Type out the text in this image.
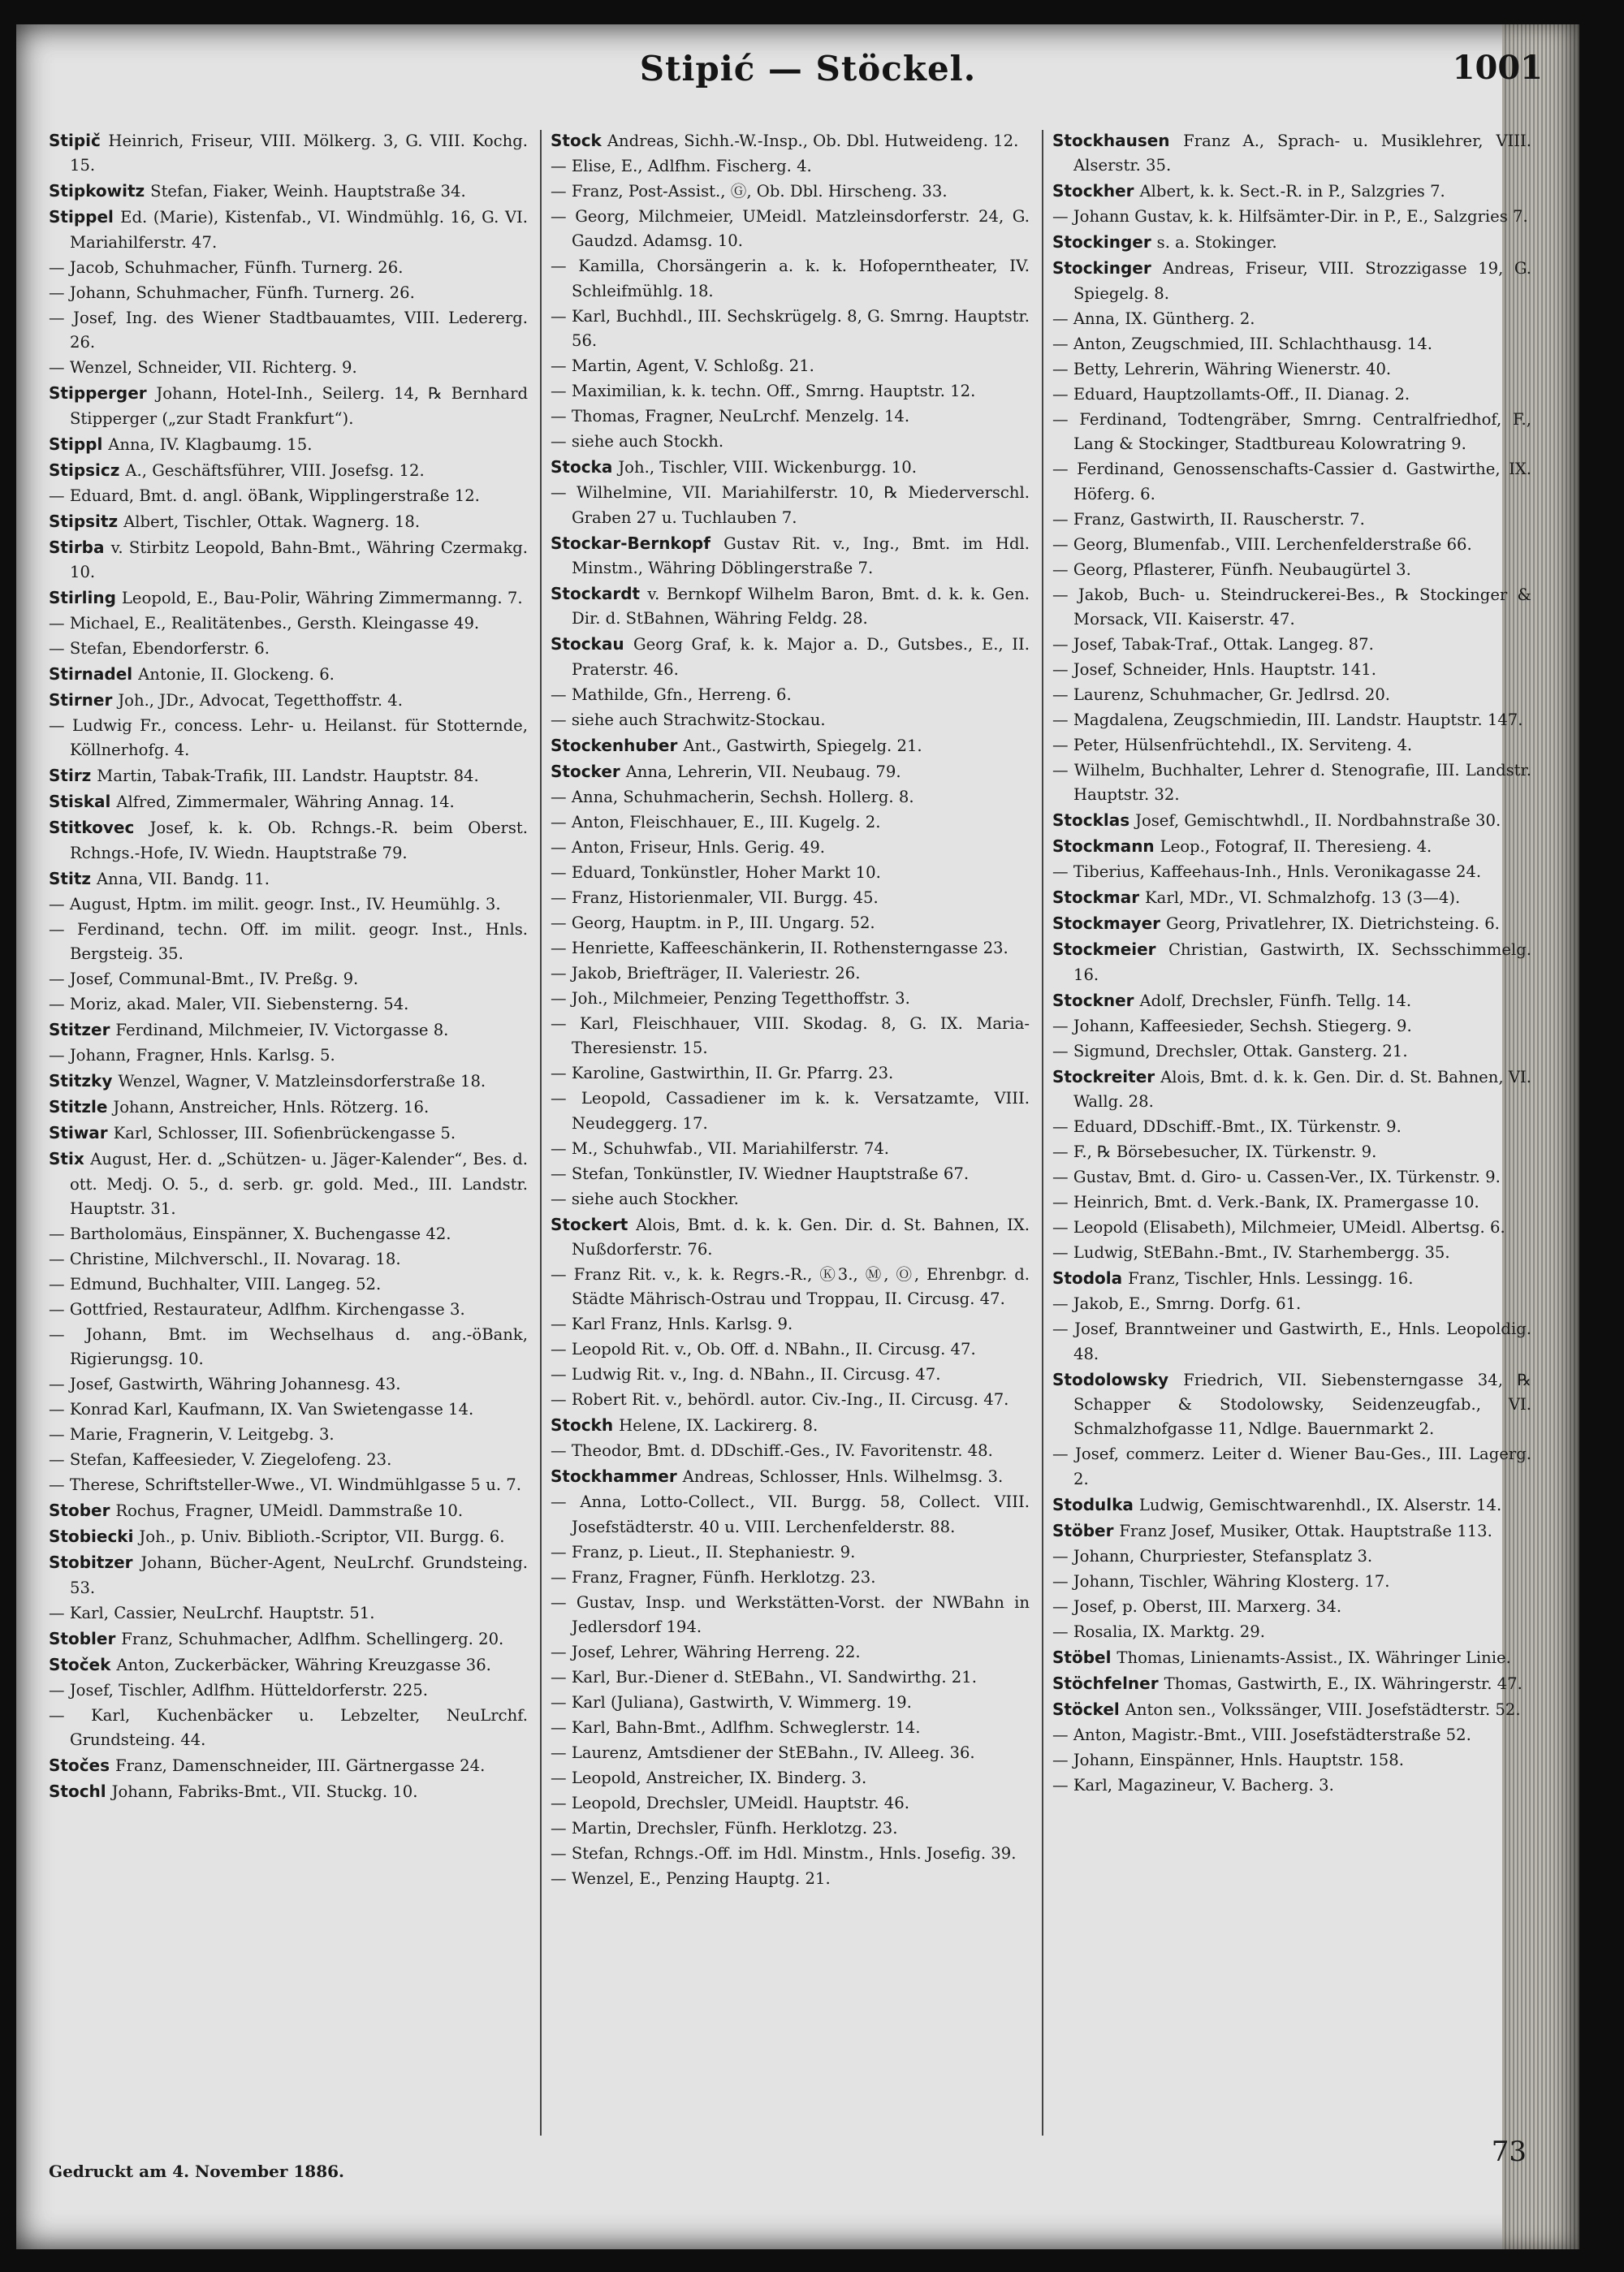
Stipić — Stöckel.	1001
Stipič Heinrich, Friseur, VIII. Mölkerg. 3, G. VIII. Kochg. 15.
Stipkowitz Stefan, Fiaker, Weinh. Hauptstraße 34.
Stippel Ed. (Marie), Kistenfab., VI. Windmühlg. 16, G. VI. Mariahilferstr. 47.
— Jacob, Schuhmacher, Fünfh. Turnerg. 26.
— Johann, Schuhmacher, Fünfh. Turnerg. 26.
— Josef, Ing. des Wiener Stadtbauamtes, VIII. Ledererg. 26.
— Wenzel, Schneider, VII. Richterg. 9.
Stipperger Johann, Hotel-Inh., Seilerg. 14, ℞ Bernhard Stipperger („zur Stadt Frankfurt“).
Stippl Anna, IV. Klagbaumg. 15.
Stipsicz A., Geschäftsführer, VIII. Josefsg. 12.
— Eduard, Bmt. d. angl. öBank, Wipplingerstraße 12.
Stipsitz Albert, Tischler, Ottak. Wagnerg. 18.
Stirba v. Stirbitz Leopold, Bahn-Bmt., Währing Czermakg. 10.
Stirling Leopold, E., Bau-Polir, Währing Zimmermanng. 7.
— Michael, E., Realitätenbes., Gersth. Kleingasse 49.
— Stefan, Ebendorferstr. 6.
Stirnadel Antonie, II. Glockeng. 6.
Stirner Joh., JDr., Advocat, Tegetthoffstr. 4.
— Ludwig Fr., concess. Lehr- u. Heilanst. für Stotternde, Köllnerhofg. 4.
Stirz Martin, Tabak-Trafik, III. Landstr. Hauptstr. 84.
Stiskal Alfred, Zimmermaler, Währing Annag. 14.
Stitkovec Josef, k. k. Ob. Rchngs.-R. beim Oberst. Rchngs.-Hofe, IV. Wiedn. Hauptstraße 79.
Stitz Anna, VII. Bandg. 11.
— August, Hptm. im milit. geogr. Inst., IV. Heumühlg. 3.
— Ferdinand, techn. Off. im milit. geogr. Inst., Hnls. Bergsteig. 35.
— Josef, Communal-Bmt., IV. Preßg. 9.
— Moriz, akad. Maler, VII. Siebensterng. 54.
Stitzer Ferdinand, Milchmeier, IV. Victorgasse 8.
— Johann, Fragner, Hnls. Karlsg. 5.
Stitzky Wenzel, Wagner, V. Matzleinsdorferstraße 18.
Stitzle Johann, Anstreicher, Hnls. Rötzerg. 16.
Stiwar Karl, Schlosser, III. Sofienbrückengasse 5.
Stix August, Her. d. „Schützen- u. Jäger-Kalender“, Bes. d. ott. Medj. O. 5., d. serb. gr. gold. Med., III. Landstr. Hauptstr. 31.
— Bartholomäus, Einspänner, X. Buchengasse 42.
— Christine, Milchverschl., II. Novarag. 18.
— Edmund, Buchhalter, VIII. Langeg. 52.
— Gottfried, Restaurateur, Adlfhm. Kirchengasse 3.
— Johann, Bmt. im Wechselhaus d. ang.-öBank, Rigierungsg. 10.
— Josef, Gastwirth, Währing Johannesg. 43.
— Konrad Karl, Kaufmann, IX. Van Swietengasse 14.
— Marie, Fragnerin, V. Leitgebg. 3.
— Stefan, Kaffeesieder, V. Ziegelofeng. 23.
— Therese, Schriftsteller-Wwe., VI. Windmühlgasse 5 u. 7.
Stober Rochus, Fragner, UMeidl. Dammstraße 10.
Stobiecki Joh., p. Univ. Biblioth.-Scriptor, VII. Burgg. 6.
Stobitzer Johann, Bücher-Agent, NeuLrchf. Grundsteing. 53.
— Karl, Cassier, NeuLrchf. Hauptstr. 51.
Stobler Franz, Schuhmacher, Adlfhm. Schellingerg. 20.
Stoček Anton, Zuckerbäcker, Währing Kreuzgasse 36.
— Josef, Tischler, Adlfhm. Hütteldorferstr. 225.
— Karl, Kuchenbäcker u. Lebzelter, NeuLrchf. Grundsteing. 44.
Stočes Franz, Damenschneider, III. Gärtnergasse 24.
Stochl Johann, Fabriks-Bmt., VII. Stuckg. 10.
Stock Andreas, Sichh.-W.-Insp., Ob. Dbl. Hutweideng. 12.
— Elise, E., Adlfhm. Fischerg. 4.
— Franz, Post-Assist., Ⓖ, Ob. Dbl. Hirscheng. 33.
— Georg, Milchmeier, UMeidl. Matzleinsdorferstr. 24, G. Gaudzd. Adamsg. 10.
— Kamilla, Chorsängerin a. k. k. Hofoperntheater, IV. Schleifmühlg. 18.
— Karl, Buchhdl., III. Sechskrügelg. 8, G. Smrng. Hauptstr. 56.
— Martin, Agent, V. Schloßg. 21.
— Maximilian, k. k. techn. Off., Smrng. Hauptstr. 12.
— Thomas, Fragner, NeuLrchf. Menzelg. 14.
— siehe auch Stockh.
Stocka Joh., Tischler, VIII. Wickenburgg. 10.
— Wilhelmine, VII. Mariahilferstr. 10, ℞ Miederverschl. Graben 27 u. Tuchlauben 7.
Stockar-Bernkopf Gustav Rit. v., Ing., Bmt. im Hdl. Minstm., Währing Döblingerstraße 7.
Stockardt v. Bernkopf Wilhelm Baron, Bmt. d. k. k. Gen. Dir. d. StBahnen, Währing Feldg. 28.
Stockau Georg Graf, k. k. Major a. D., Gutsbes., E., II. Praterstr. 46.
— Mathilde, Gfn., Herreng. 6.
— siehe auch Strachwitz-Stockau.
Stockenhuber Ant., Gastwirth, Spiegelg. 21.
Stocker Anna, Lehrerin, VII. Neubaug. 79.
— Anna, Schuhmacherin, Sechsh. Hollerg. 8.
— Anton, Fleischhauer, E., III. Kugelg. 2.
— Anton, Friseur, Hnls. Gerig. 49.
— Eduard, Tonkünstler, Hoher Markt 10.
— Franz, Historienmaler, VII. Burgg. 45.
— Georg, Hauptm. in P., III. Ungarg. 52.
— Henriette, Kaffeeschänkerin, II. Rothensterngasse 23.
— Jakob, Briefträger, II. Valeriestr. 26.
— Joh., Milchmeier, Penzing Tegetthoffstr. 3.
— Karl, Fleischhauer, VIII. Skodag. 8, G. IX. Maria-Theresienstr. 15.
— Karoline, Gastwirthin, II. Gr. Pfarrg. 23.
— Leopold, Cassadiener im k. k. Versatzamte, VIII. Neudeggerg. 17.
— M., Schuhwfab., VII. Mariahilferstr. 74.
— Stefan, Tonkünstler, IV. Wiedner Hauptstraße 67.
— siehe auch Stockher.
Stockert Alois, Bmt. d. k. k. Gen. Dir. d. St. Bahnen, IX. Nußdorferstr. 76.
— Franz Rit. v., k. k. Regrs.-R., Ⓚ3., Ⓜ, Ⓞ, Ehrenbgr. d. Städte Mährisch-Ostrau und Troppau, II. Circusg. 47.
— Karl Franz, Hnls. Karlsg. 9.
— Leopold Rit. v., Ob. Off. d. NBahn., II. Circusg. 47.
— Ludwig Rit. v., Ing. d. NBahn., II. Circusg. 47.
— Robert Rit. v., behördl. autor. Civ.-Ing., II. Circusg. 47.
Stockh Helene, IX. Lackirerg. 8.
— Theodor, Bmt. d. DDschiff.-Ges., IV. Favoritenstr. 48.
Stockhammer Andreas, Schlosser, Hnls. Wilhelmsg. 3.
— Anna, Lotto-Collect., VII. Burgg. 58, Collect. VIII. Josefstädterstr. 40 u. VIII. Lerchenfelderstr. 88.
— Franz, p. Lieut., II. Stephaniestr. 9.
— Franz, Fragner, Fünfh. Herklotzg. 23.
— Gustav, Insp. und Werkstätten-Vorst. der NWBahn in Jedlersdorf 194.
— Josef, Lehrer, Währing Herreng. 22.
— Karl, Bur.-Diener d. StEBahn., VI. Sandwirthg. 21.
— Karl (Juliana), Gastwirth, V. Wimmerg. 19.
— Karl, Bahn-Bmt., Adlfhm. Schweglerstr. 14.
— Laurenz, Amtsdiener der StEBahn., IV. Alleeg. 36.
— Leopold, Anstreicher, IX. Binderg. 3.
— Leopold, Drechsler, UMeidl. Hauptstr. 46.
— Martin, Drechsler, Fünfh. Herklotzg. 23.
— Stefan, Rchngs.-Off. im Hdl. Minstm., Hnls. Josefig. 39.
— Wenzel, E., Penzing Hauptg. 21.
Stockhausen Franz A., Sprach- u. Musiklehrer, VIII. Alserstr. 35.
Stockher Albert, k. k. Sect.-R. in P., Salzgries 7.
— Johann Gustav, k. k. Hilfsämter-Dir. in P., E., Salzgries 7.
Stockinger s. a. Stokinger.
Stockinger Andreas, Friseur, VIII. Strozzigasse 19, G. Spiegelg. 8.
— Anna, IX. Güntherg. 2.
— Anton, Zeugschmied, III. Schlachthausg. 14.
— Betty, Lehrerin, Währing Wienerstr. 40.
— Eduard, Hauptzollamts-Off., II. Dianag. 2.
— Ferdinand, Todtengräber, Smrng. Centralfriedhof, F., Lang & Stockinger, Stadtbureau Kolowratring 9.
— Ferdinand, Genossenschafts-Cassier d. Gastwirthe, IX. Höferg. 6.
— Franz, Gastwirth, II. Rauscherstr. 7.
— Georg, Blumenfab., VIII. Lerchenfelderstraße 66.
— Georg, Pflasterer, Fünfh. Neubaugürtel 3.
— Jakob, Buch- u. Steindruckerei-Bes., ℞ Stockinger & Morsack, VII. Kaiserstr. 47.
— Josef, Tabak-Traf., Ottak. Langeg. 87.
— Josef, Schneider, Hnls. Hauptstr. 141.
— Laurenz, Schuhmacher, Gr. Jedlrsd. 20.
— Magdalena, Zeugschmiedin, III. Landstr. Hauptstr. 147.
— Peter, Hülsenfrüchtehdl., IX. Serviteng. 4.
— Wilhelm, Buchhalter, Lehrer d. Stenografie, III. Landstr. Hauptstr. 32.
Stocklas Josef, Gemischtwhdl., II. Nordbahnstraße 30.
Stockmann Leop., Fotograf, II. Theresieng. 4.
— Tiberius, Kaffeehaus-Inh., Hnls. Veronikagasse 24.
Stockmar Karl, MDr., VI. Schmalzhofg. 13 (3—4).
Stockmayer Georg, Privatlehrer, IX. Dietrichsteing. 6.
Stockmeier Christian, Gastwirth, IX. Sechsschimmelg. 16.
Stockner Adolf, Drechsler, Fünfh. Tellg. 14.
— Johann, Kaffeesieder, Sechsh. Stiegerg. 9.
— Sigmund, Drechsler, Ottak. Gansterg. 21.
Stockreiter Alois, Bmt. d. k. k. Gen. Dir. d. St. Bahnen, VI. Wallg. 28.
— Eduard, DDschiff.-Bmt., IX. Türkenstr. 9.
— F., ℞ Börsebesucher, IX. Türkenstr. 9.
— Gustav, Bmt. d. Giro- u. Cassen-Ver., IX. Türkenstr. 9.
— Heinrich, Bmt. d. Verk.-Bank, IX. Pramergasse 10.
— Leopold (Elisabeth), Milchmeier, UMeidl. Albertsg. 6.
— Ludwig, StEBahn.-Bmt., IV. Starhembergg. 35.
Stodola Franz, Tischler, Hnls. Lessingg. 16.
— Jakob, E., Smrng. Dorfg. 61.
— Josef, Branntweiner und Gastwirth, E., Hnls. Leopoldig. 48.
Stodolowsky Friedrich, VII. Siebensterngasse 34, ℞ Schapper & Stodolowsky, Seidenzeugfab., VI. Schmalzhofgasse 11, Ndlge. Bauernmarkt 2.
— Josef, commerz. Leiter d. Wiener Bau-Ges., III. Lagerg. 2.
Stodulka Ludwig, Gemischtwarenhdl., IX. Alserstr. 14.
Stöber Franz Josef, Musiker, Ottak. Hauptstraße 113.
— Johann, Churpriester, Stefansplatz 3.
— Johann, Tischler, Währing Klosterg. 17.
— Josef, p. Oberst, III. Marxerg. 34.
— Rosalia, IX. Marktg. 29.
Stöbel Thomas, Linienamts-Assist., IX. Währinger Linie.
Stöchfelner Thomas, Gastwirth, E., IX. Währingerstr. 47.
Stöckel Anton sen., Volkssänger, VIII. Josefstädterstr. 52.
— Anton, Magistr.-Bmt., VIII. Josefstädterstraße 52.
— Johann, Einspänner, Hnls. Hauptstr. 158.
— Karl, Magazineur, V. Bacherg. 3.
Gedruckt am 4. November 1886.
73
